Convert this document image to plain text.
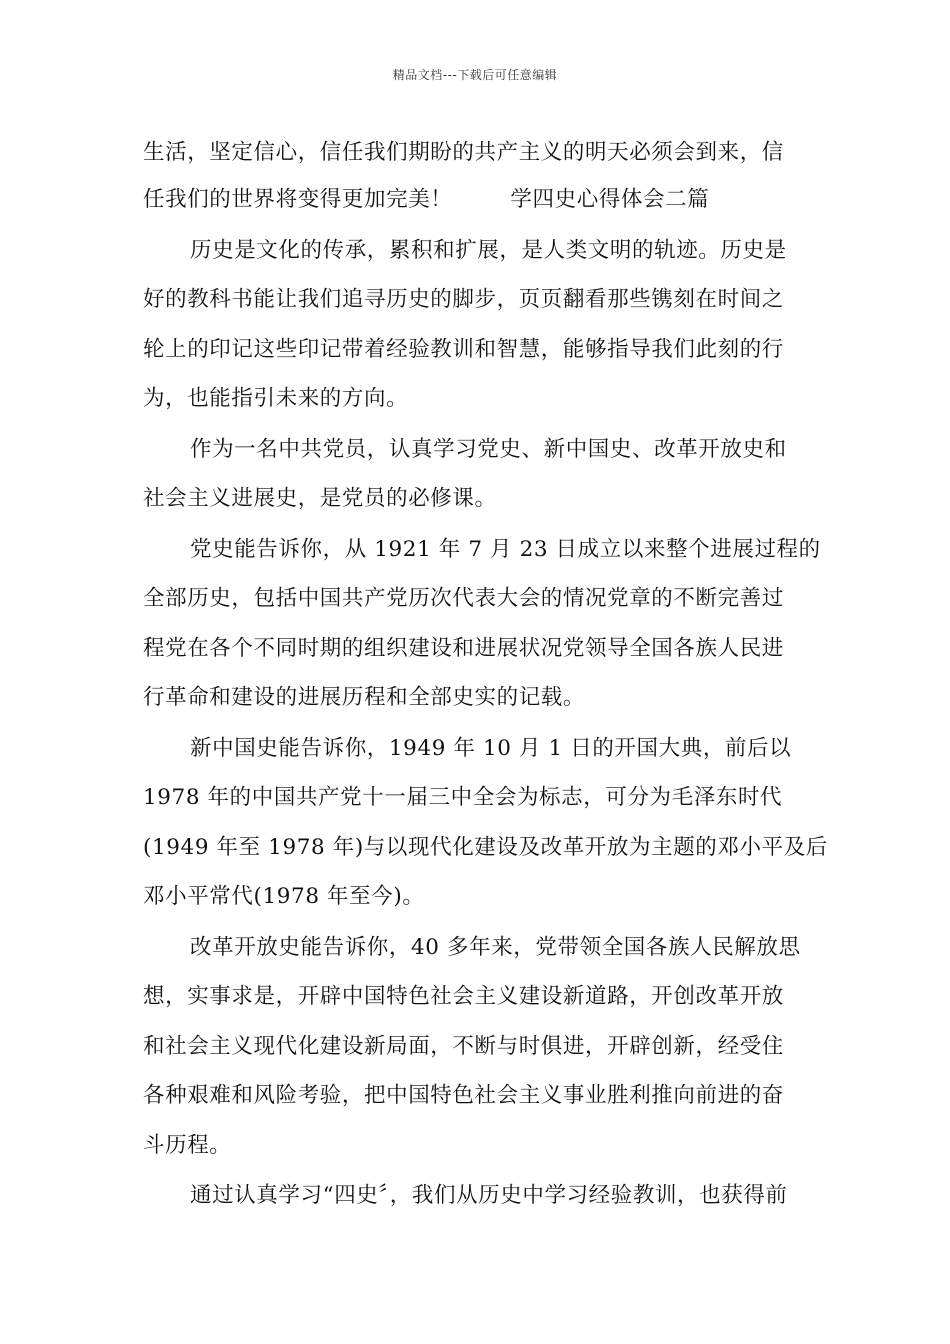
精品文档---下载后可任意编辑
生活，坚定信心，信任我们期盼的共产主义的明天必须会到来，信
任我们的世界将变得更加完美！	学四史心得体会二篇
历史是文化的传承，累积和扩展，是人类文明的轨迹。历史是
好的教科书能让我们追寻历史的脚步，页页翻看那些镌刻在时间之
轮上的印记这些印记带着经验教训和智慧，能够指导我们此刻的行
为，也能指引未来的方向。
作为一名中共党员，认真学习党史、新中国史、改革开放史和
社会主义进展史，是党员的必修课。
党史能告诉你，从 1921 年 7 月 23 日成立以来整个进展过程的
全部历史，包括中国共产党历次代表大会的情况党章的不断完善过
程党在各个不同时期的组织建设和进展状况党领导全国各族人民进
行革命和建设的进展历程和全部史实的记载。
新中国史能告诉你，1949 年 10 月 1 日的开国大典，前后以
1978 年的中国共产党十一届三中全会为标志，可分为毛泽东时代
(1949 年至 1978 年)与以现代化建设及改革开放为主题的邓小平及后
邓小平常代(1978 年至今)。
改革开放史能告诉你，40 多年来，党带领全国各族人民解放思
想，实事求是，开辟中国特色社会主义建设新道路，开创改革开放
和社会主义现代化建设新局面，不断与时俱进，开辟创新，经受住
各种艰难和风险考验，把中国特色社会主义事业胜利推向前进的奋
斗历程。
通过认真学习“四史〞，我们从历史中学习经验教训，也获得前
